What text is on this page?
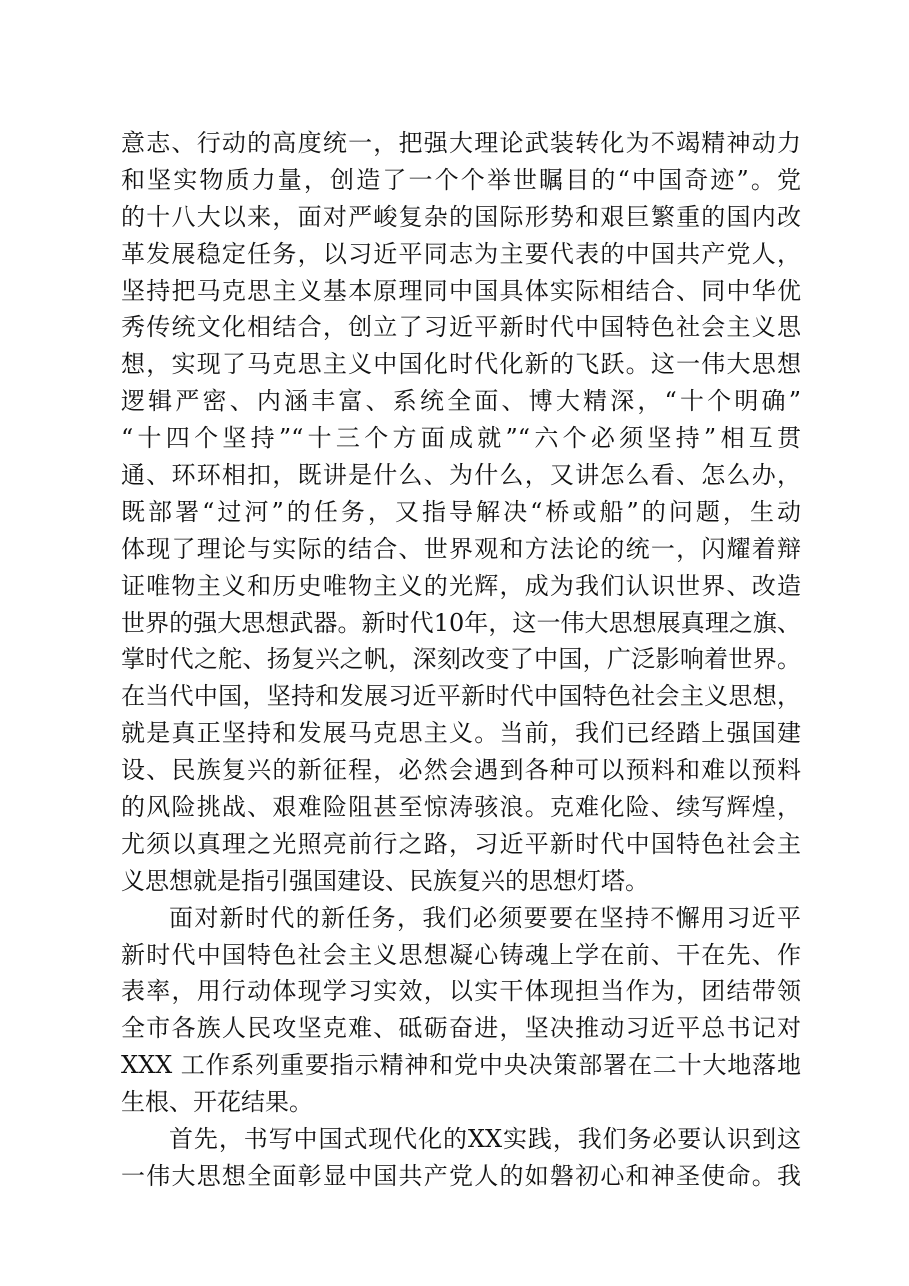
意志、行动的高度统一，把强大理论武装转化为不竭精神动力
和坚实物质力量，创造了一个个举世瞩目的“中国奇迹”。党
的十八大以来，面对严峻复杂的国际形势和艰巨繁重的国内改
革发展稳定任务，以习近平同志为主要代表的中国共产党人，
坚持把马克思主义基本原理同中国具体实际相结合、同中华优
秀传统文化相结合，创立了习近平新时代中国特色社会主义思
想，实现了马克思主义中国化时代化新的飞跃。这一伟大思想
逻辑严密、内涵丰富、系统全面、博大精深，“十个明确”
“十四个坚持”“十三个方面成就”“六个必须坚持”相互贯
通、环环相扣，既讲是什么、为什么，又讲怎么看、怎么办，
既部署“过河”的任务，又指导解决“桥或船”的问题，生动
体现了理论与实际的结合、世界观和方法论的统一，闪耀着辩
证唯物主义和历史唯物主义的光辉，成为我们认识世界、改造
世界的强大思想武器。新时代10年，这一伟大思想展真理之旗、
掌时代之舵、扬复兴之帆，深刻改变了中国，广泛影响着世界。
在当代中国，坚持和发展习近平新时代中国特色社会主义思想，
就是真正坚持和发展马克思主义。当前，我们已经踏上强国建
设、民族复兴的新征程，必然会遇到各种可以预料和难以预料
的风险挑战、艰难险阻甚至惊涛骇浪。克难化险、续写辉煌，
尤须以真理之光照亮前行之路，习近平新时代中国特色社会主
义思想就是指引强国建设、民族复兴的思想灯塔。
面对新时代的新任务，我们必须要要在坚持不懈用习近平
新时代中国特色社会主义思想凝心铸魂上学在前、干在先、作
表率，用行动体现学习实效，以实干体现担当作为，团结带领
全市各族人民攻坚克难、砥砺奋进，坚决推动习近平总书记对
XXX 工作系列重要指示精神和党中央决策部署在二十大地落地
生根、开花结果。
首先，书写中国式现代化的XX实践，我们务必要认识到这
一伟大思想全面彰显中国共产党人的如磐初心和神圣使命。我
